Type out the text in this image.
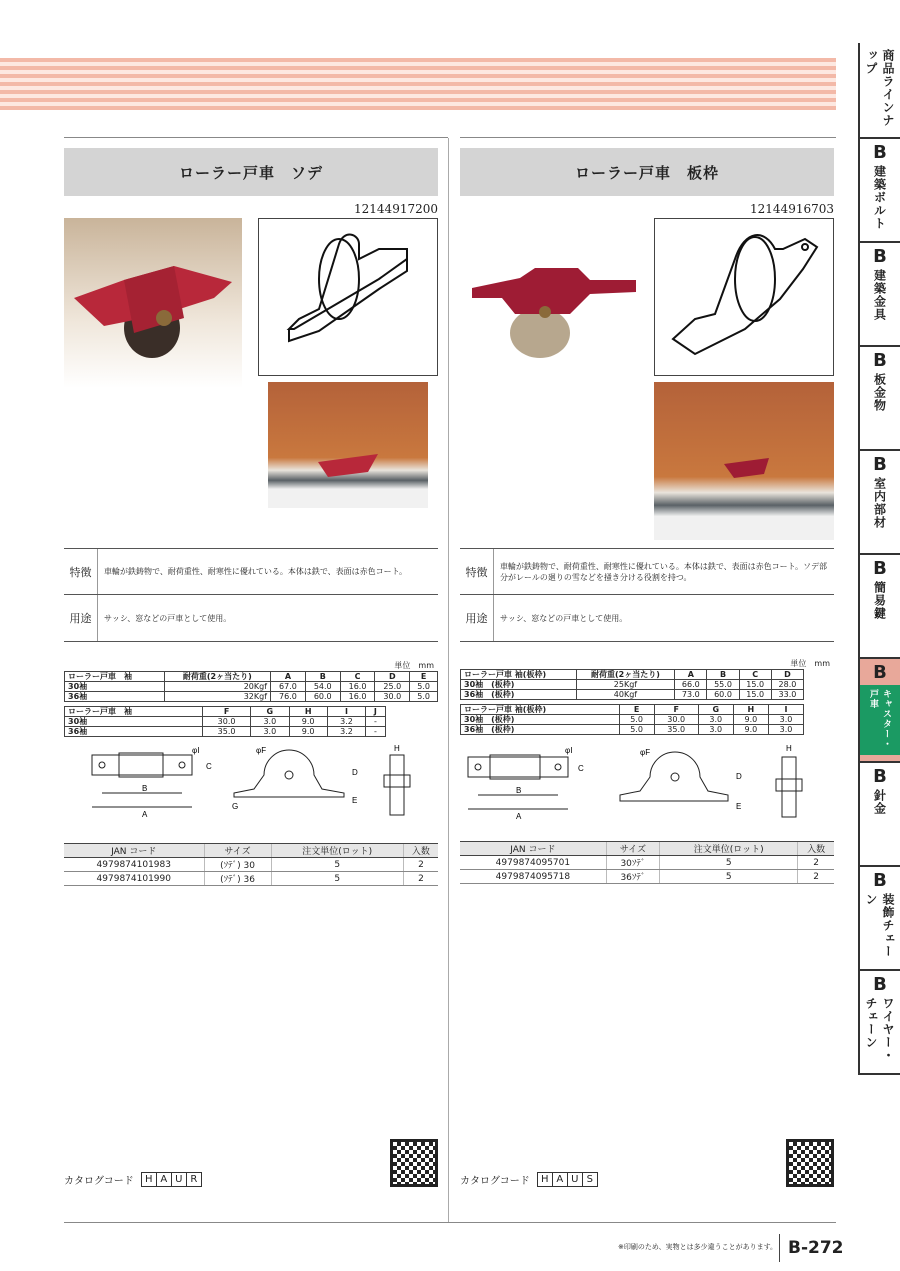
ローラー戸車　ソデ
12144917200
特徴	車輪が鉄鋳物で、耐荷重性、耐寒性に優れている。本体は鉄で、表面は赤色コート。
用途	サッシ、窓などの戸車として使用。
単位　mm
ローラー戸車　袖	耐荷重(2ヶ当たり)	A	B	C	D	E
30袖	20Kgf	67.0	54.0	16.0	25.0	5.0
36袖	32Kgf	76.0	60.0	16.0	30.0	5.0
ローラー戸車　袖	F	G	H	I	J
30袖	30.0	3.0	9.0	3.2	-
36袖	35.0	3.0	9.0	3.2	-
φI
C
B
A
φF
D
E
G
H
JAN コード	サイズ	注文単位(ロット)	入数
4979874101983	(ｿﾃﾞ) 30	5	2
4979874101990	(ｿﾃﾞ) 36	5	2
ローラー戸車　板枠
12144916703
特徴	車輪が鉄鋳物で、耐荷重性、耐寒性に優れている。本体は鉄で、表面は赤色コート。ソデ部分がレールの廻りの雪などを掻き分ける役割を持つ。
用途	サッシ、窓などの戸車として使用。
単位　mm
ローラー戸車 袖(板枠)	耐荷重(2ヶ当たり)	A	B	C	D
30袖　(板枠)	25Kgf	66.0	55.0	15.0	28.0
36袖　(板枠)	40Kgf	73.0	60.0	15.0	33.0
ローラー戸車 袖(板枠)	E	F	G	H	I
30袖　(板枠)	5.0	30.0	3.0	9.0	3.0
36袖　(板枠)	5.0	35.0	3.0	9.0	3.0
φI
C
B
A
φF
D
E
H
JAN コード	サイズ	注文単位(ロット)	入数
4979874095701	30ｿﾃﾞ	5	2
4979874095718	36ｿﾃﾞ	5	2
カタログコード	H A U R	カタログコード	H A U S
※印刷のため、実物とは多少違うことがあります。 B-272
商品ラインナップ
B
建築ボルト
B
建築金具
B
板金物
B
室内部材
B
簡易鍵
B
キャスター・戸車
B
針金
B
装飾チェーン
B
ワイヤー・チェーン
